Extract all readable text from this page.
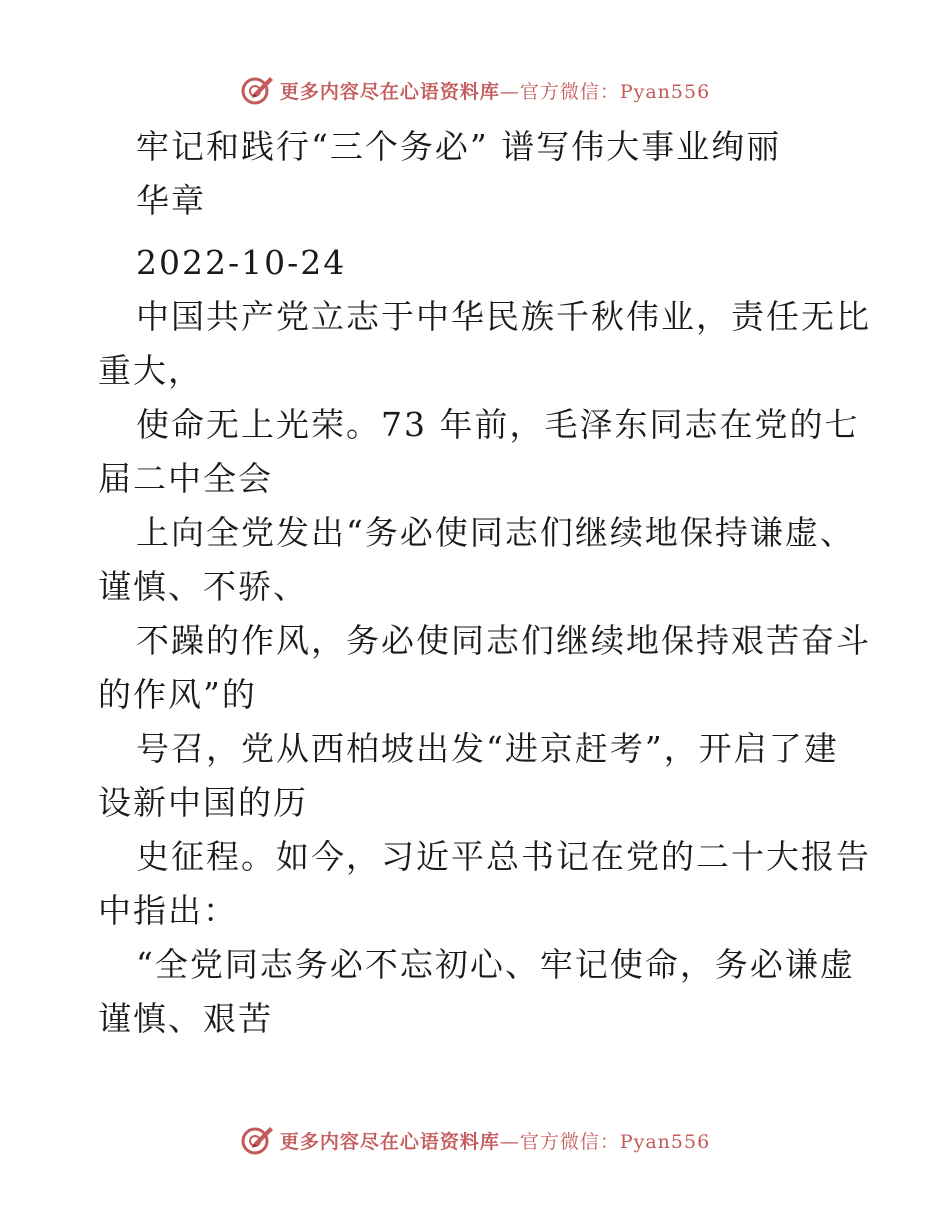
更多内容尽在心语资料库—官方微信：Pyan556
牢记和践行“三个务必” 谱写伟大事业绚丽
华章
2022-10-24
中国共产党立志于中华民族千秋伟业，责任无比
重大，
使命无上光荣。73 年前，毛泽东同志在党的七
届二中全会
上向全党发出“务必使同志们继续地保持谦虚、
谨慎、不骄、
不躁的作风，务必使同志们继续地保持艰苦奋斗
的作风”的
号召，党从西柏坡出发“进京赶考”，开启了建
设新中国的历
史征程。如今，习近平总书记在党的二十大报告
中指出：
“全党同志务必不忘初心、牢记使命，务必谦虚
谨慎、艰苦
更多内容尽在心语资料库—官方微信：Pyan556
